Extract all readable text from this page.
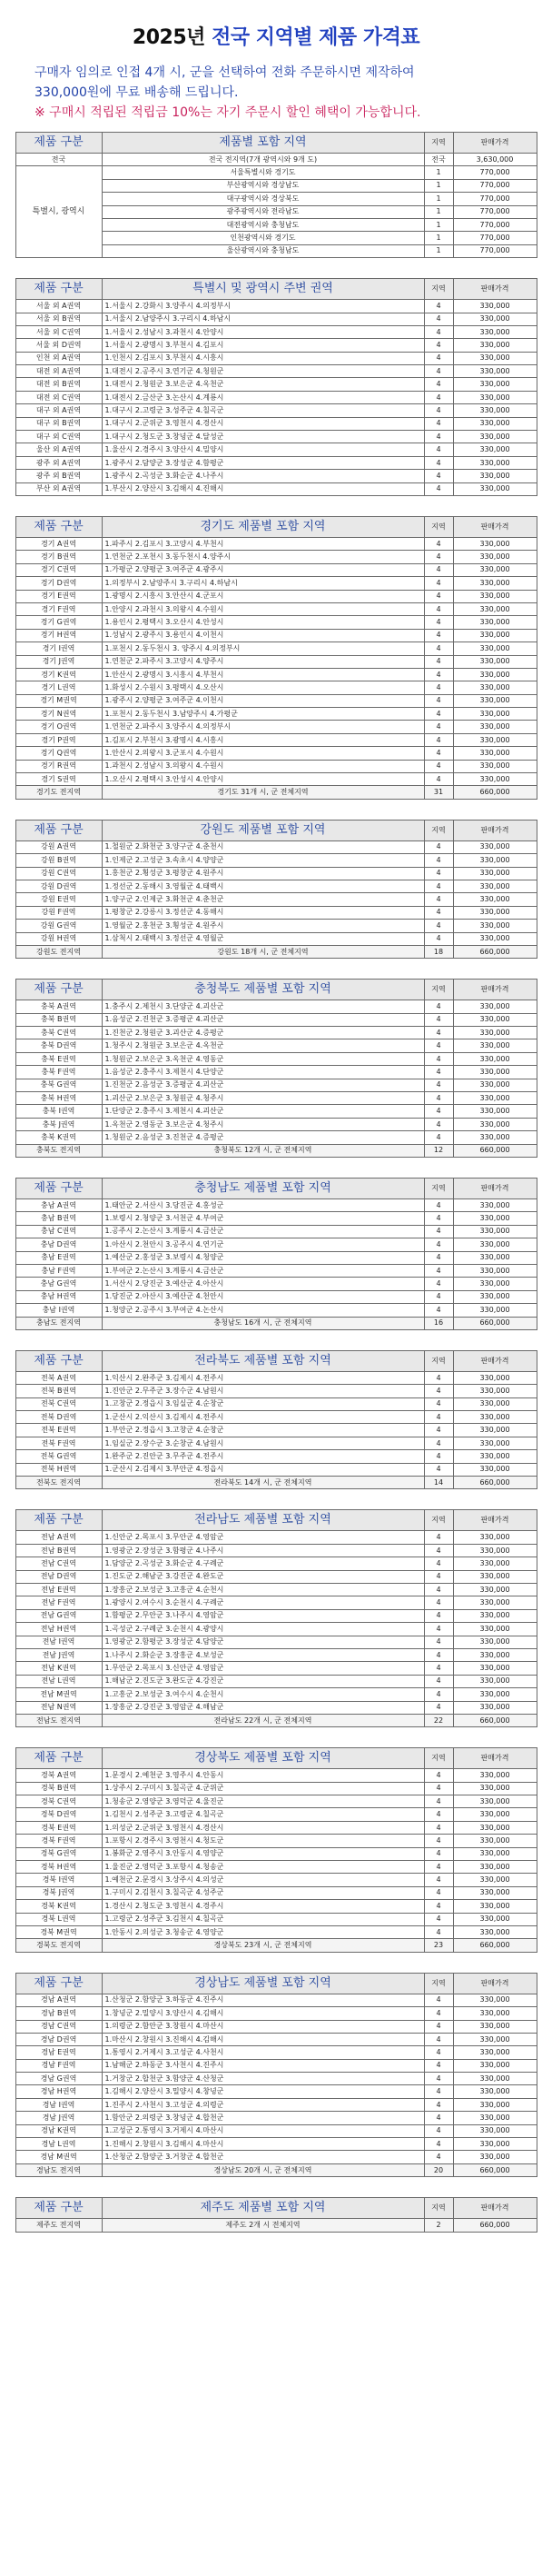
2025년 전국 지역별 제품 가격표
구매자 임의로 인접 4개 시, 군을 선택하여 전화 주문하시면 제작하여
330,000원에 무료 배송해 드립니다.
※ 구매시 적립된 적립금 10%는 자기 주문시 할인 혜택이 가능합니다.
제품 구분	제품별 포함 지역	지역	판매가격
전국	전국 전지역(7개 광역시와 9개 도)	전국	3,630,000
특별시, 광역시	서울특별시와 경기도	1	770,000
	부산광역시와 경상남도	1	770,000
	대구광역시와 경상북도	1	770,000
	광주광역시와 전라남도	1	770,000
	대전광역시와 충청남도	1	770,000
	인천광역시와 경기도	1	770,000
	울산광역시와 충청남도	1	770,000
제품 구분	특별시 및 광역시 주변 권역	지역	판매가격
서울 외 A권역	1.서울시 2.강화시 3.양주시 4.의정부시	4	330,000
서울 외 B권역	1.서울시 2.남양주시 3.구리시 4.하남시	4	330,000
서울 외 C권역	1.서울시 2.성남시 3.과천시 4.안양시	4	330,000
서울 외 D권역	1.서울시 2.광명시 3.부천시 4.김포시	4	330,000
인천 외 A권역	1.인천시 2.김포시 3.부천시 4.시흥시	4	330,000
대전 외 A권역	1.대전시 2.공주시 3.연기군 4.청원군	4	330,000
대전 외 B권역	1.대전시 2.청원군 3.보은군 4.옥천군	4	330,000
대전 외 C권역	1.대전시 2.금산군 3.논산시 4.계룡시	4	330,000
대구 외 A권역	1.대구시 2.고령군 3.성주군 4.칠곡군	4	330,000
대구 외 B권역	1.대구시 2.군위군 3.영천시 4.경산시	4	330,000
대구 외 C권역	1.대구시 2.청도군 3.창녕군 4.달성군	4	330,000
울산 외 A권역	1.울산시 2.경주시 3.양산시 4.밀양시	4	330,000
광주 외 A권역	1.광주시 2.담양군 3.장성군 4.함평군	4	330,000
광주 외 B권역	1.광주시 2.곡성군 3.화순군 4.나주시	4	330,000
부산 외 A권역	1.부산시 2.양산시 3.김해시 4.진해시	4	330,000
제품 구분	경기도 제품별 포함 지역	지역	판매가격
경기 A권역	1.파주시 2.김포시 3.고양시 4.부천시	4	330,000
경기 B권역	1.연천군 2.포천시 3.동두천시 4.양주시	4	330,000
경기 C권역	1.가평군 2.양평군 3.여주군 4.광주시	4	330,000
경기 D권역	1.의정부시 2.남양주시 3.구리시 4.하남시	4	330,000
경기 E권역	1.광명시 2.시흥시 3.안산시 4.군포시	4	330,000
경기 F권역	1.안양시 2.과천시 3.의왕시 4.수원시	4	330,000
경기 G권역	1.용인시 2.평택시 3.오산시 4.안성시	4	330,000
경기 H권역	1.성남시 2.광주시 3.용인시 4.이천시	4	330,000
경기 I권역	1.포천시 2.동두천시 3. 양주시 4.의정부시	4	330,000
경기 J권역	1.연천군 2.파주시 3.고양시 4.양주시	4	330,000
경기 K권역	1.안산시 2.광명시 3.시흥시 4.부천시	4	330,000
경기 L권역	1.화성시 2.수원시 3.평택시 4.오산시	4	330,000
경기 M권역	1.광주시 2.양평군 3.여주군 4.이천시	4	330,000
경기 N권역	1.포천시 2.동두천시 3.남양주시 4.가평군	4	330,000
경기 O권역	1.연천군 2.파주시 3.양주시 4.의정부시	4	330,000
경기 P권역	1.김포시 2.부천시 3.광명시 4.시흥시	4	330,000
경기 Q권역	1.안산시 2.의왕시 3.군포시 4.수원시	4	330,000
경기 R권역	1.과천시 2.성남시 3.의왕시 4.수원시	4	330,000
경기 S권역	1.오산시 2.평택시 3.안성시 4.안양시	4	330,000
경기도 전지역	경기도 31개 시, 군 전체지역	31	660,000
제품 구분	강원도 제품별 포함 지역	지역	판매가격
강원 A권역	1.철원군 2.화천군 3.양구군 4.춘천시	4	330,000
강원 B권역	1.인제군 2.고성군 3.속초시 4.양양군	4	330,000
강원 C권역	1.홍천군 2.횡성군 3.평창군 4.원주시	4	330,000
강원 D권역	1.정선군 2.동해시 3.영월군 4.태백시	4	330,000
강원 E권역	1.양구군 2.인제군 3.화천군 4.춘천군	4	330,000
강원 F권역	1.평창군 2.강릉시 3.정선군 4.동해시	4	330,000
강원 G권역	1.영월군 2.홍천군 3.횡성군 4.원주시	4	330,000
강원 H권역	1.삼척시 2.태백시 3.정선군 4.영월군	4	330,000
강원도 전지역	강원도 18개 시, 군 전체지역	18	660,000
제품 구분	충청북도 제품별 포함 지역	지역	판매가격
충북 A권역	1.충주시 2.제천시 3.단양군 4.괴산군	4	330,000
충북 B권역	1.음성군 2.진천군 3.증평군 4.괴산군	4	330,000
충북 C권역	1.진천군 2.청원군 3.괴산군 4.증평군	4	330,000
충북 D권역	1.청주시 2.청원군 3.보은군 4.옥천군	4	330,000
충북 E권역	1.청원군 2.보은군 3.옥천군 4.영동군	4	330,000
충북 F권역	1.음성군 2.충주시 3.제천시 4.단양군	4	330,000
충북 G권역	1.진천군 2.음성군 3.증평군 4.괴산군	4	330,000
충북 H권역	1.괴산군 2.보은군 3.청원군 4.청주시	4	330,000
충북 I권역	1.단양군 2.충주시 3.제천시 4.괴산군	4	330,000
충북 J권역	1.옥천군 2.영동군 3.보은군 4.청주시	4	330,000
충북 K권역	1.청원군 2.음성군 3.진천군 4.증평군	4	330,000
충북도 전지역	충청북도 12개 시, 군 전체지역	12	660,000
제품 구분	충청남도 제품별 포함 지역	지역	판매가격
충남 A권역	1.태안군 2.서산시 3.당진군 4.홍성군	4	330,000
충남 B권역	1.보령시 2.청양군 3.서천군 4.부여군	4	330,000
충남 C권역	1.공주시 2.논산시 3.계룡시 4.금산군	4	330,000
충남 D권역	1.아산시 2.천안시 3.공주시 4.연기군	4	330,000
충남 E권역	1.예산군 2.홍성군 3.보령시 4.청양군	4	330,000
충남 F권역	1.부여군 2.논산시 3.계룡시 4.금산군	4	330,000
충남 G권역	1.서산시 2.당진군 3.예산군 4.아산시	4	330,000
충남 H권역	1.당진군 2.아산시 3.예산군 4.천안시	4	330,000
충남 I권역	1.청양군 2.공주시 3.부여군 4.논산시	4	330,000
충남도 전지역	충청남도 16개 시, 군 전체지역	16	660,000
제품 구분	전라북도 제품별 포함 지역	지역	판매가격
전북 A권역	1.익산시 2.완주군 3.김제시 4.전주시	4	330,000
전북 B권역	1.진안군 2.무주군 3.장수군 4.남원시	4	330,000
전북 C권역	1.고창군 2.정읍시 3.임실군 4.순창군	4	330,000
전북 D권역	1.군산시 2.익산시 3.김제시 4.전주시	4	330,000
전북 E권역	1.부안군 2.정읍시 3.고창군 4.순창군	4	330,000
전북 F권역	1.임실군 2.장수군 3.순창군 4.남원시	4	330,000
전북 G권역	1.완주군 2.진안군 3.무주군 4.전주시	4	330,000
전북 H권역	1.군산시 2.김제시 3.부안군 4.정읍시	4	330,000
전북도 전지역	전라북도 14개 시, 군 전체지역	14	660,000
제품 구분	전라남도 제품별 포함 지역	지역	판매가격
전남 A권역	1.신안군 2.목포시 3.무안군 4.영암군	4	330,000
전남 B권역	1.영광군 2.장성군 3.함평군 4.나주시	4	330,000
전남 C권역	1.담양군 2.곡성군 3.화순군 4.구례군	4	330,000
전남 D권역	1.진도군 2.해남군 3.강진군 4.완도군	4	330,000
전남 E권역	1.장흥군 2.보성군 3.고흥군 4.순천시	4	330,000
전남 F권역	1.광양시 2.여수시 3.순천시 4.구례군	4	330,000
전남 G권역	1.함평군 2.무안군 3.나주시 4.영암군	4	330,000
전남 H권역	1.곡성군 2.구례군 3.순천시 4.광양시	4	330,000
전남 I권역	1.영광군 2.함평군 3.장성군 4.담양군	4	330,000
전남 J권역	1.나주시 2.화순군 3.장흥군 4.보성군	4	330,000
전남 K권역	1.무안군 2.목포시 3.신안군 4.영암군	4	330,000
전남 L권역	1.해남군 2.진도군 3.완도군 4.강진군	4	330,000
전남 M권역	1.고흥군 2.보성군 3.여수시 4.순천시	4	330,000
전남 N권역	1.장흥군 2.강진군 3.영암군 4.해남군	4	330,000
전남도 전지역	전라남도 22개 시, 군 전체지역	22	660,000
제품 구분	경상북도 제품별 포함 지역	지역	판매가격
경북 A권역	1.문경시 2.예천군 3.영주시 4.안동시	4	330,000
경북 B권역	1.상주시 2.구미시 3.칠곡군 4.군위군	4	330,000
경북 C권역	1.청송군 2.영양군 3.영덕군 4.울진군	4	330,000
경북 D권역	1.김천시 2.성주군 3.고령군 4.칠곡군	4	330,000
경북 E권역	1.의성군 2.군위군 3.영천시 4.경산시	4	330,000
경북 F권역	1.포항시 2.경주시 3.영천시 4.청도군	4	330,000
경북 G권역	1.봉화군 2.영주시 3.안동시 4.영양군	4	330,000
경북 H권역	1.울진군 2.영덕군 3.포항시 4.청송군	4	330,000
경북 I권역	1.예천군 2.문경시 3.상주시 4.의성군	4	330,000
경북 J권역	1.구미시 2.김천시 3.칠곡군 4.성주군	4	330,000
경북 K권역	1.경산시 2.청도군 3.영천시 4.경주시	4	330,000
경북 L권역	1.고령군 2.성주군 3.김천시 4.칠곡군	4	330,000
경북 M권역	1.안동시 2.의성군 3.청송군 4.영양군	4	330,000
경북도 전지역	경상북도 23개 시, 군 전체지역	23	660,000
제품 구분	경상남도 제품별 포함 지역	지역	판매가격
경남 A권역	1.산청군 2.함양군 3.하동군 4.진주시	4	330,000
경남 B권역	1.창녕군 2.밀양시 3.양산시 4.김해시	4	330,000
경남 C권역	1.의령군 2.함안군 3.창원시 4.마산시	4	330,000
경남 D권역	1.마산시 2.창원시 3.진해시 4.김해시	4	330,000
경남 E권역	1.통영시 2.거제시 3.고성군 4.사천시	4	330,000
경남 F권역	1.남해군 2.하동군 3.사천시 4.진주시	4	330,000
경남 G권역	1.거창군 2.합천군 3.함양군 4.산청군	4	330,000
경남 H권역	1.김해시 2.양산시 3.밀양시 4.창녕군	4	330,000
경남 I권역	1.진주시 2.사천시 3.고성군 4.의령군	4	330,000
경남 J권역	1.함안군 2.의령군 3.창녕군 4.합천군	4	330,000
경남 K권역	1.고성군 2.통영시 3.거제시 4.마산시	4	330,000
경남 L권역	1.진해시 2.창원시 3.김해시 4.마산시	4	330,000
경남 M권역	1.산청군 2.함양군 3.거창군 4.합천군	4	330,000
경남도 전지역	경상남도 20개 시, 군 전체지역	20	660,000
제품 구분	제주도 제품별 포함 지역	지역	판매가격
제주도 전지역	제주도 2개 시 전체지역	2	660,000
